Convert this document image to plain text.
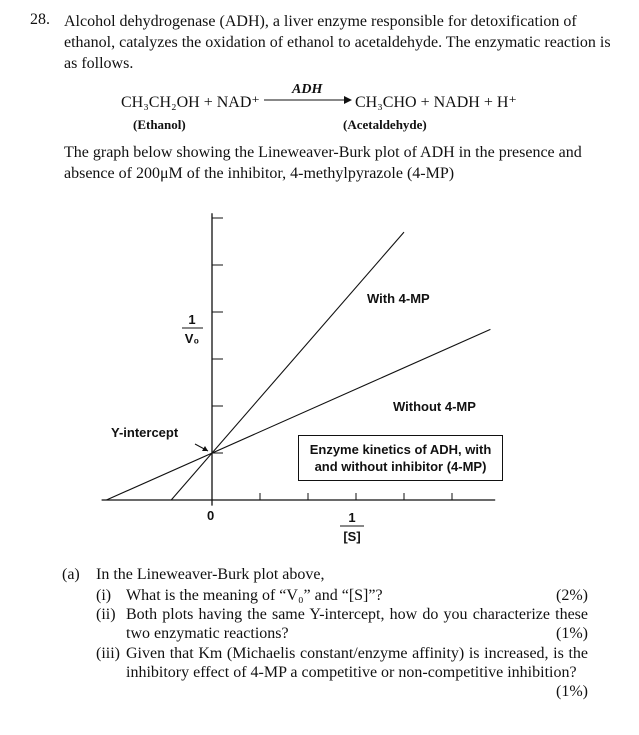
28. Alcohol dehydrogenase (ADH), a liver enzyme responsible for detoxification of ethanol, catalyzes the oxidation of ethanol to acetaldehyde. The enzymatic reaction is as follows.
CH₃CH₂OH + NAD⁺
ADH
CH₃CHO + NADH + H⁺
(Ethanol)	(Acetaldehyde)
The graph below showing the Lineweaver-Burk plot of ADH in the presence and absence of 200μM of the inhibitor, 4-methylpyrazole (4-MP)
Y-intercept
With 4-MP
Without 4-MP
0
1
V₀
1
[S]
Enzyme kinetics of ADH, with
and without inhibitor (4-MP)
(a) In the Lineweaver-Burk plot above,
(i)	(2%)
What is the meaning of “V₀” and “[S]”?
(ii) Both plots having the same Y-intercept, how do you characterize these two enzymatic reactions?	(1%)
(iii) Given that Km (Michaelis constant/enzyme affinity) is increased, is the inhibitory effect of 4-MP a competitive or non-competitive inhibition?
(1%)
